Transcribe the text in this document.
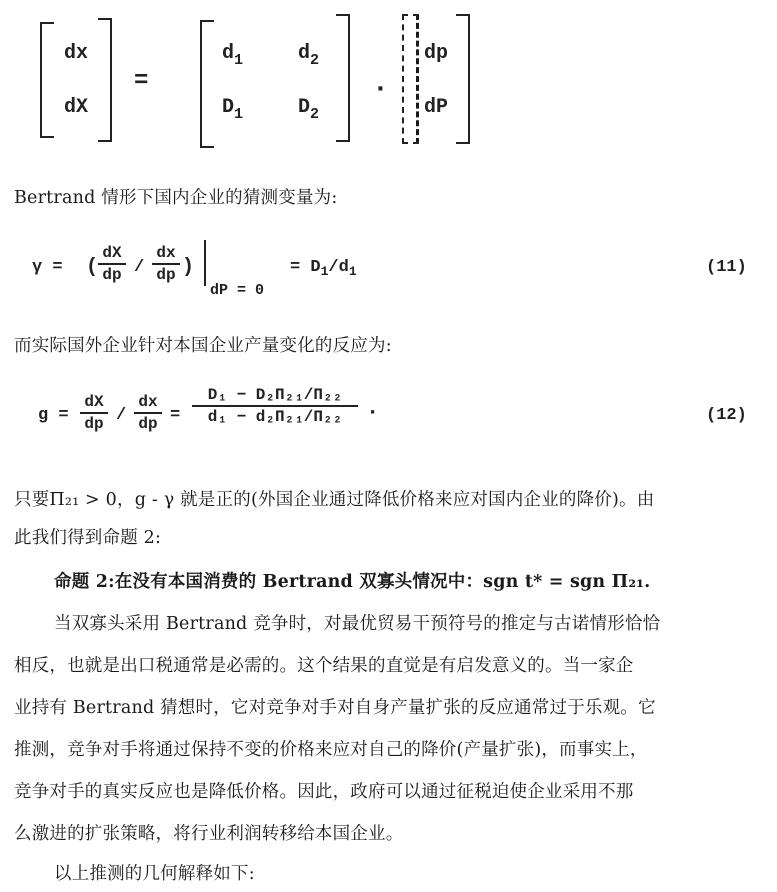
dx
dX
=
$d_1$	$d_2$
$D_1$	$D_2$
·
dp
dP
Bertrand 情形下国内企业的猜测变量为:
γ = (
dX
dp /
dx
dp )
dP = 0
= $D_1/d_1$	(11)
而实际国外企业针对本国企业产量变化的反应为:
g =
dX
dp /
dx
dp =
D₁ − D₂Π₂₁/Π₂₂
d₁ − d₂Π₂₁/Π₂₂	·	(12)
只要Π₂₁ > 0，g - γ 就是正的(外国企业通过降低价格来应对国内企业的降价)。由
此我们得到命题 2:
命题 2:在没有本国消费的 Bertrand 双寡头情况中：sgn t* = sgn Π₂₁.
当双寡头采用 Bertrand 竞争时，对最优贸易干预符号的推定与古诺情形恰恰
相反，也就是出口税通常是必需的。这个结果的直觉是有启发意义的。当一家企
业持有 Bertrand 猜想时，它对竞争对手对自身产量扩张的反应通常过于乐观。它
推测，竞争对手将通过保持不变的价格来应对自己的降价(产量扩张)，而事实上，
竞争对手的真实反应也是降低价格。因此，政府可以通过征税迫使企业采用不那
么激进的扩张策略，将行业利润转移给本国企业。
以上推测的几何解释如下:
